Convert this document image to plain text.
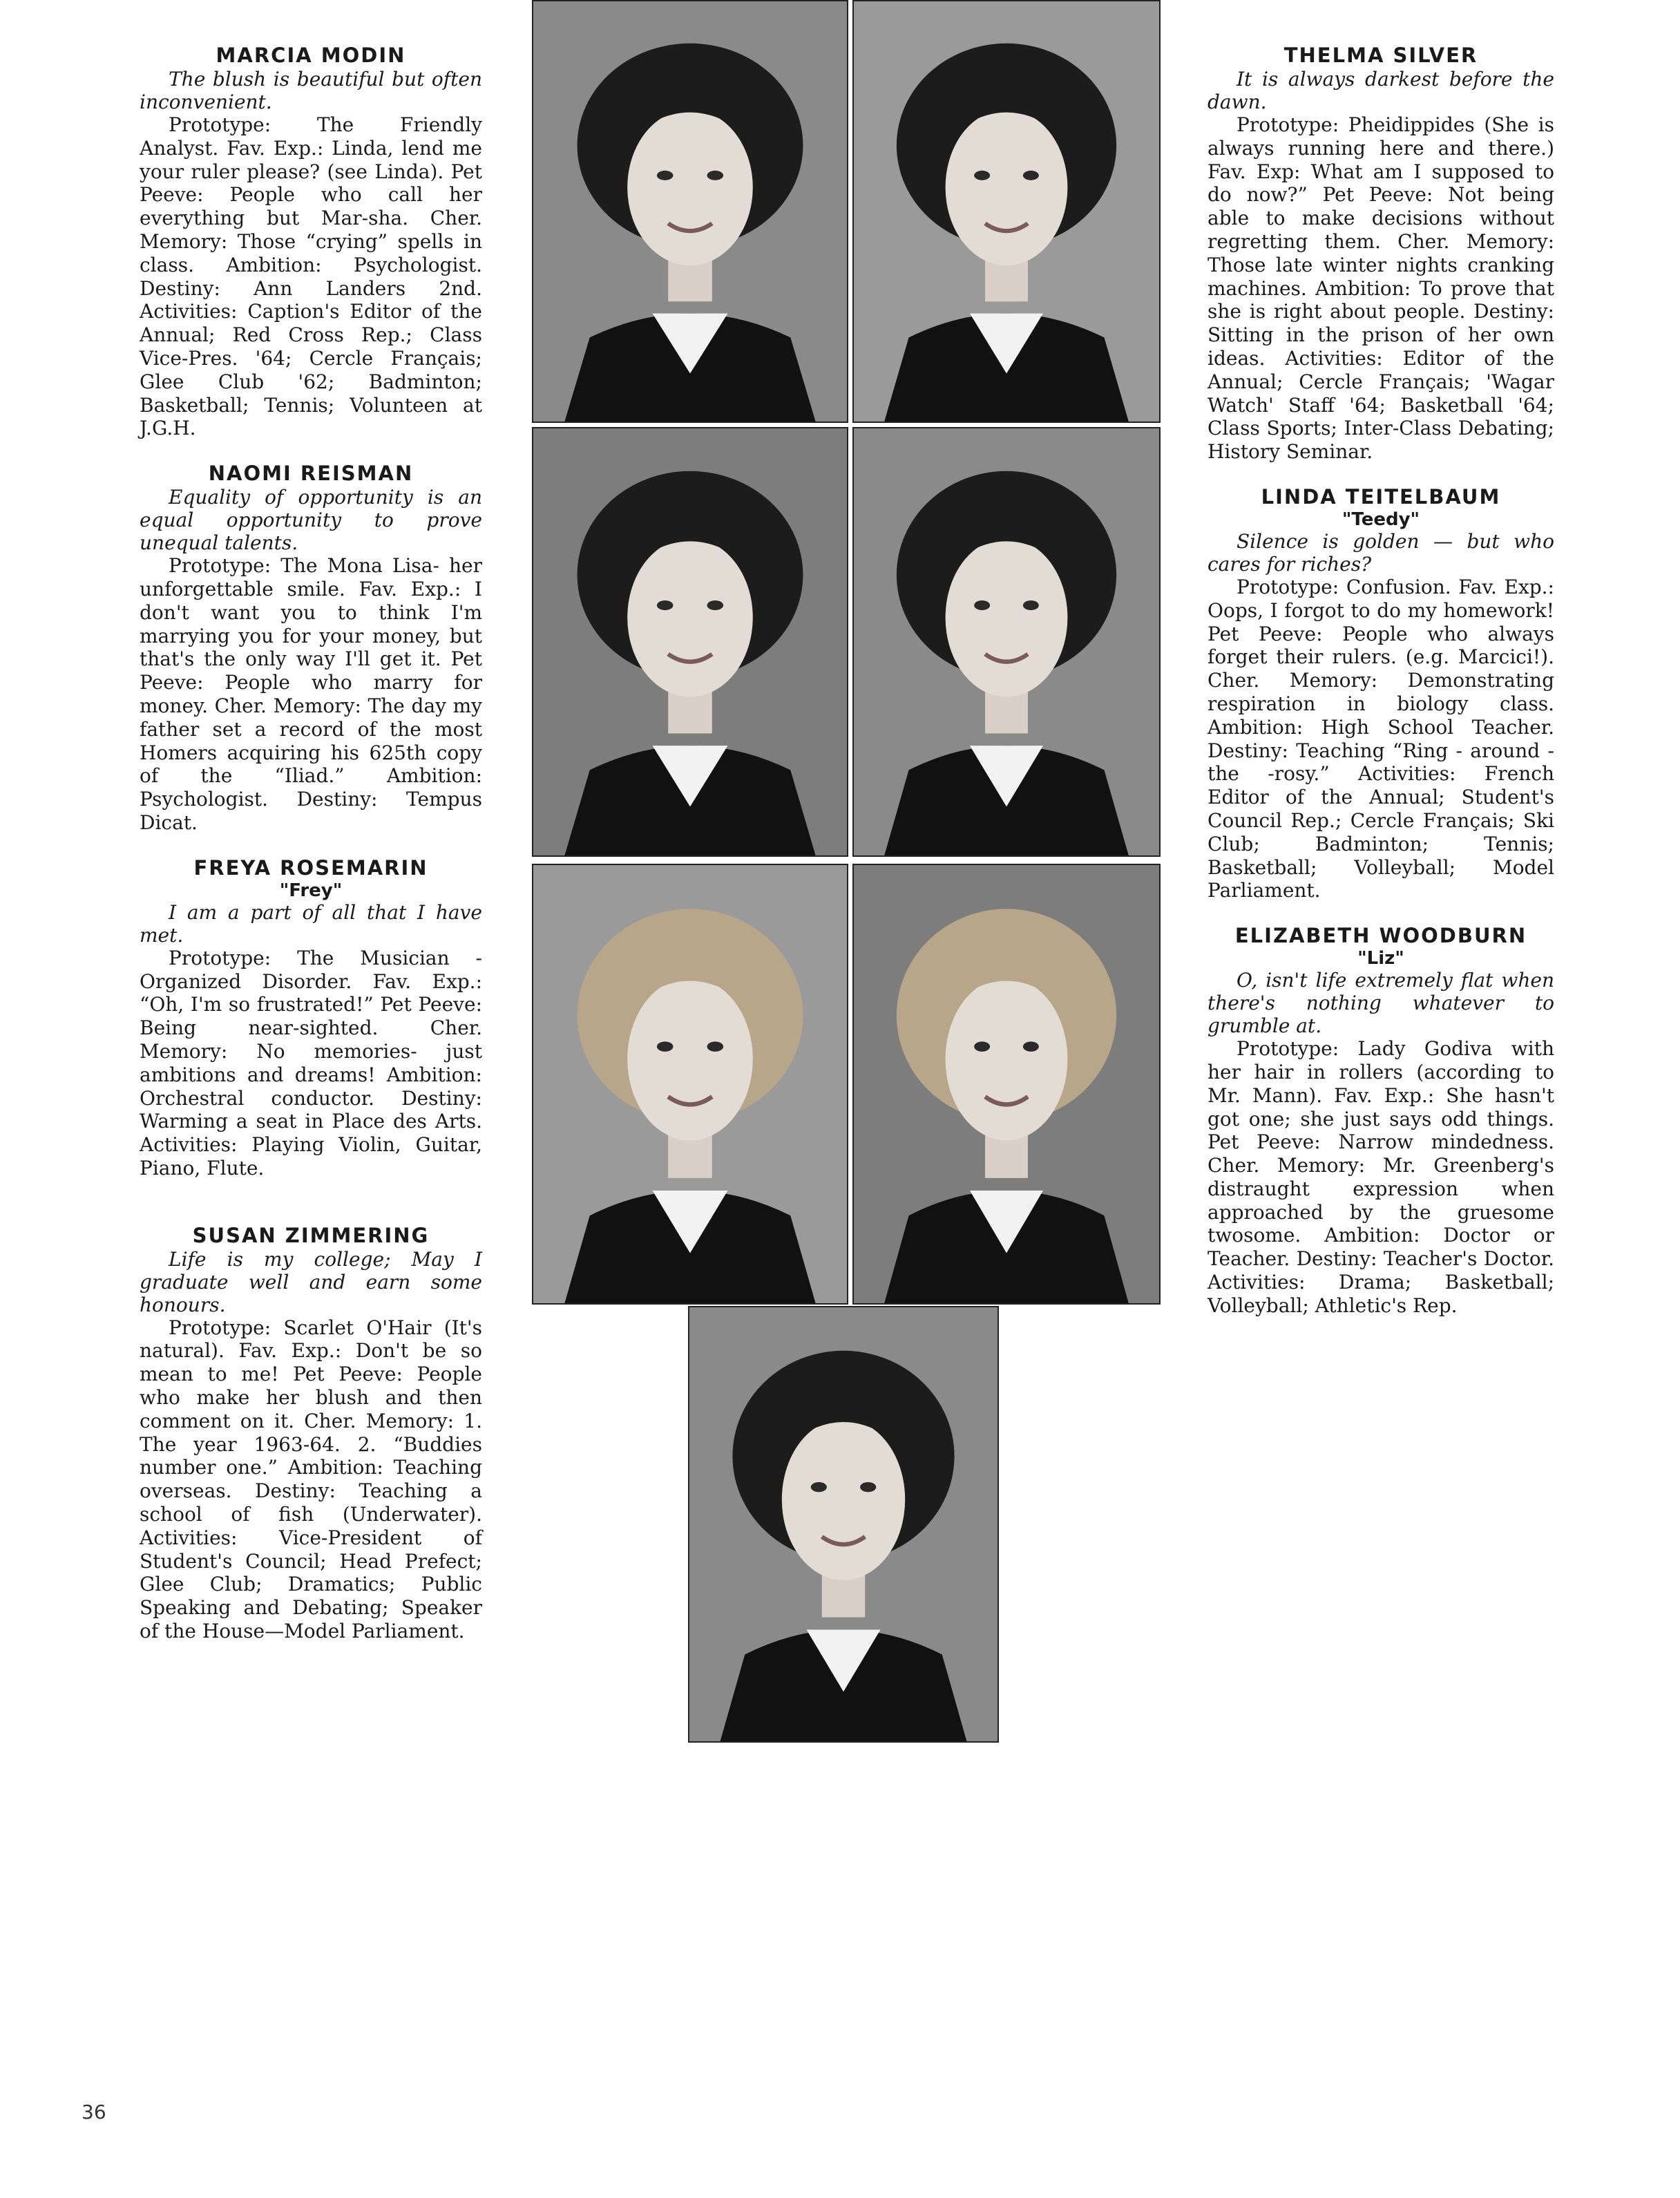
MARCIA MODIN

The blush is beautiful but often inconvenient.

Prototype: The Friendly Analyst. Fav. Exp.: Linda, lend me your ruler please? (see Linda). Pet Peeve: People who call her everything but Mar-sha. Cher. Memory: Those “crying” spells in class. Ambition: Psychologist. Destiny: Ann Landers 2nd. Activities: Caption's Editor of the Annual; Red Cross Rep.; Class Vice-Pres. '64; Cercle Français; Glee Club '62; Badminton; Basketball; Tennis; Volunteen at J.G.H.

NAOMI REISMAN

Equality of opportunity is an equal opportunity to prove unequal talents.

Prototype: The Mona Lisa- her unforgettable smile. Fav. Exp.: I don't want you to think I'm marrying you for your money, but that's the only way I'll get it. Pet Peeve: People who marry for money. Cher. Memory: The day my father set a record of the most Homers acquiring his 625th copy of the “Iliad.” Ambition: Psychologist. Destiny: Tempus Dicat.

FREYA ROSEMARIN

"Frey"

I am a part of all that I have met.

Prototype: The Musician - Organized Disorder. Fav. Exp.: “Oh, I'm so frustrated!” Pet Peeve: Being near-sighted. Cher. Memory: No memories- just ambitions and dreams! Ambition: Orchestral conductor. Destiny: Warming a seat in Place des Arts. Activities: Playing Violin, Guitar, Piano, Flute.

SUSAN ZIMMERING

Life is my college; May I graduate well and earn some honours.

Prototype: Scarlet O'Hair (It's natural). Fav. Exp.: Don't be so mean to me! Pet Peeve: People who make her blush and then comment on it. Cher. Memory: 1. The year 1963-64. 2. “Buddies number one.” Ambition: Teaching overseas. Destiny: Teaching a school of fish (Underwater). Activities: Vice-President of Student's Council; Head Prefect; Glee Club; Dramatics; Public Speaking and Debating; Speaker of the House—Model Parliament.

THELMA SILVER

It is always darkest before the dawn.

Prototype: Pheidippides (She is always running here and there.) Fav. Exp: What am I supposed to do now?” Pet Peeve: Not being able to make decisions without regretting them. Cher. Memory: Those late winter nights cranking machines. Ambition: To prove that she is right about people. Destiny: Sitting in the prison of her own ideas. Activities: Editor of the Annual; Cercle Français; 'Wagar Watch' Staff '64; Basketball '64; Class Sports; Inter-Class Debating; History Seminar.

LINDA TEITELBAUM

"Teedy"

Silence is golden — but who cares for riches?

Prototype: Confusion. Fav. Exp.: Oops, I forgot to do my homework! Pet Peeve: People who always forget their rulers. (e.g. Marcici!). Cher. Memory: Demonstrating respiration in biology class. Ambition: High School Teacher. Destiny: Teaching “Ring - around - the -rosy.” Activities: French Editor of the Annual; Student's Council Rep.; Cercle Français; Ski Club; Badminton; Tennis; Basketball; Volleyball; Model Parliament.

ELIZABETH WOODBURN

"Liz"

O, isn't life extremely flat when there's nothing whatever to grumble at.

Prototype: Lady Godiva with her hair in rollers (according to Mr. Mann). Fav. Exp.: She hasn't got one; she just says odd things. Pet Peeve: Narrow mindedness. Cher. Memory: Mr. Greenberg's distraught expression when approached by the gruesome twosome. Ambition: Doctor or Teacher. Destiny: Teacher's Doctor. Activities: Drama; Basketball; Volleyball; Athletic's Rep.

36
